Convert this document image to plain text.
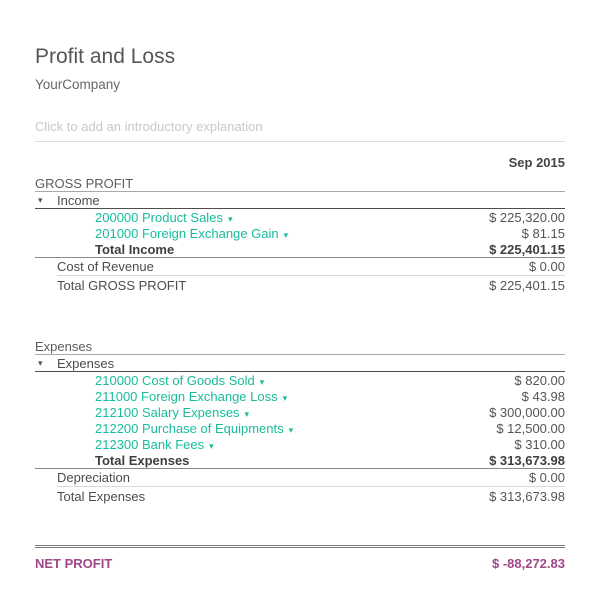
Profit and Loss
YourCompany
Click to add an introductory explanation
Sep 2015
GROSS PROFIT
▾	Income
200000 Product Sales ▾	$ 225,320.00
201000 Foreign Exchange Gain ▾	$ 81.15
Total Income	$ 225,401.15
Cost of Revenue	$ 0.00
Total GROSS PROFIT	$ 225,401.15
Expenses
▾	Expenses
210000 Cost of Goods Sold ▾	$ 820.00
211000 Foreign Exchange Loss ▾	$ 43.98
212100 Salary Expenses ▾	$ 300,000.00
212200 Purchase of Equipments ▾	$ 12,500.00
212300 Bank Fees ▾	$ 310.00
Total Expenses	$ 313,673.98
Depreciation	$ 0.00
Total Expenses	$ 313,673.98
NET PROFIT	$ -88,272.83
